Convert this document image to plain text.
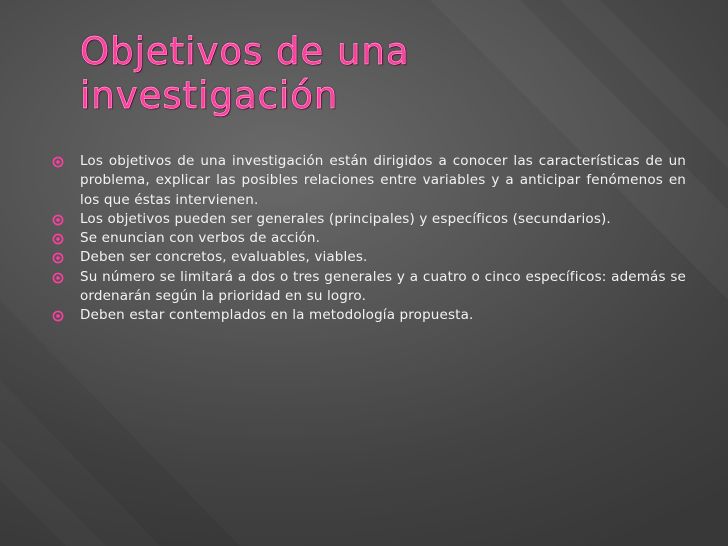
Objetivos de una
investigación
Los objetivos de una investigación están dirigidos a conocer las características de un problema, explicar las posibles relaciones entre variables y a anticipar fenómenos en los que éstas intervienen.
Los objetivos pueden ser generales (principales) y específicos (secundarios).
Se enuncian con verbos de acción.
Deben ser concretos, evaluables, viables.
Su número se limitará a dos o tres generales y a cuatro o cinco específicos: además se ordenarán según la prioridad en su logro.
Deben estar contemplados en la metodología propuesta.
